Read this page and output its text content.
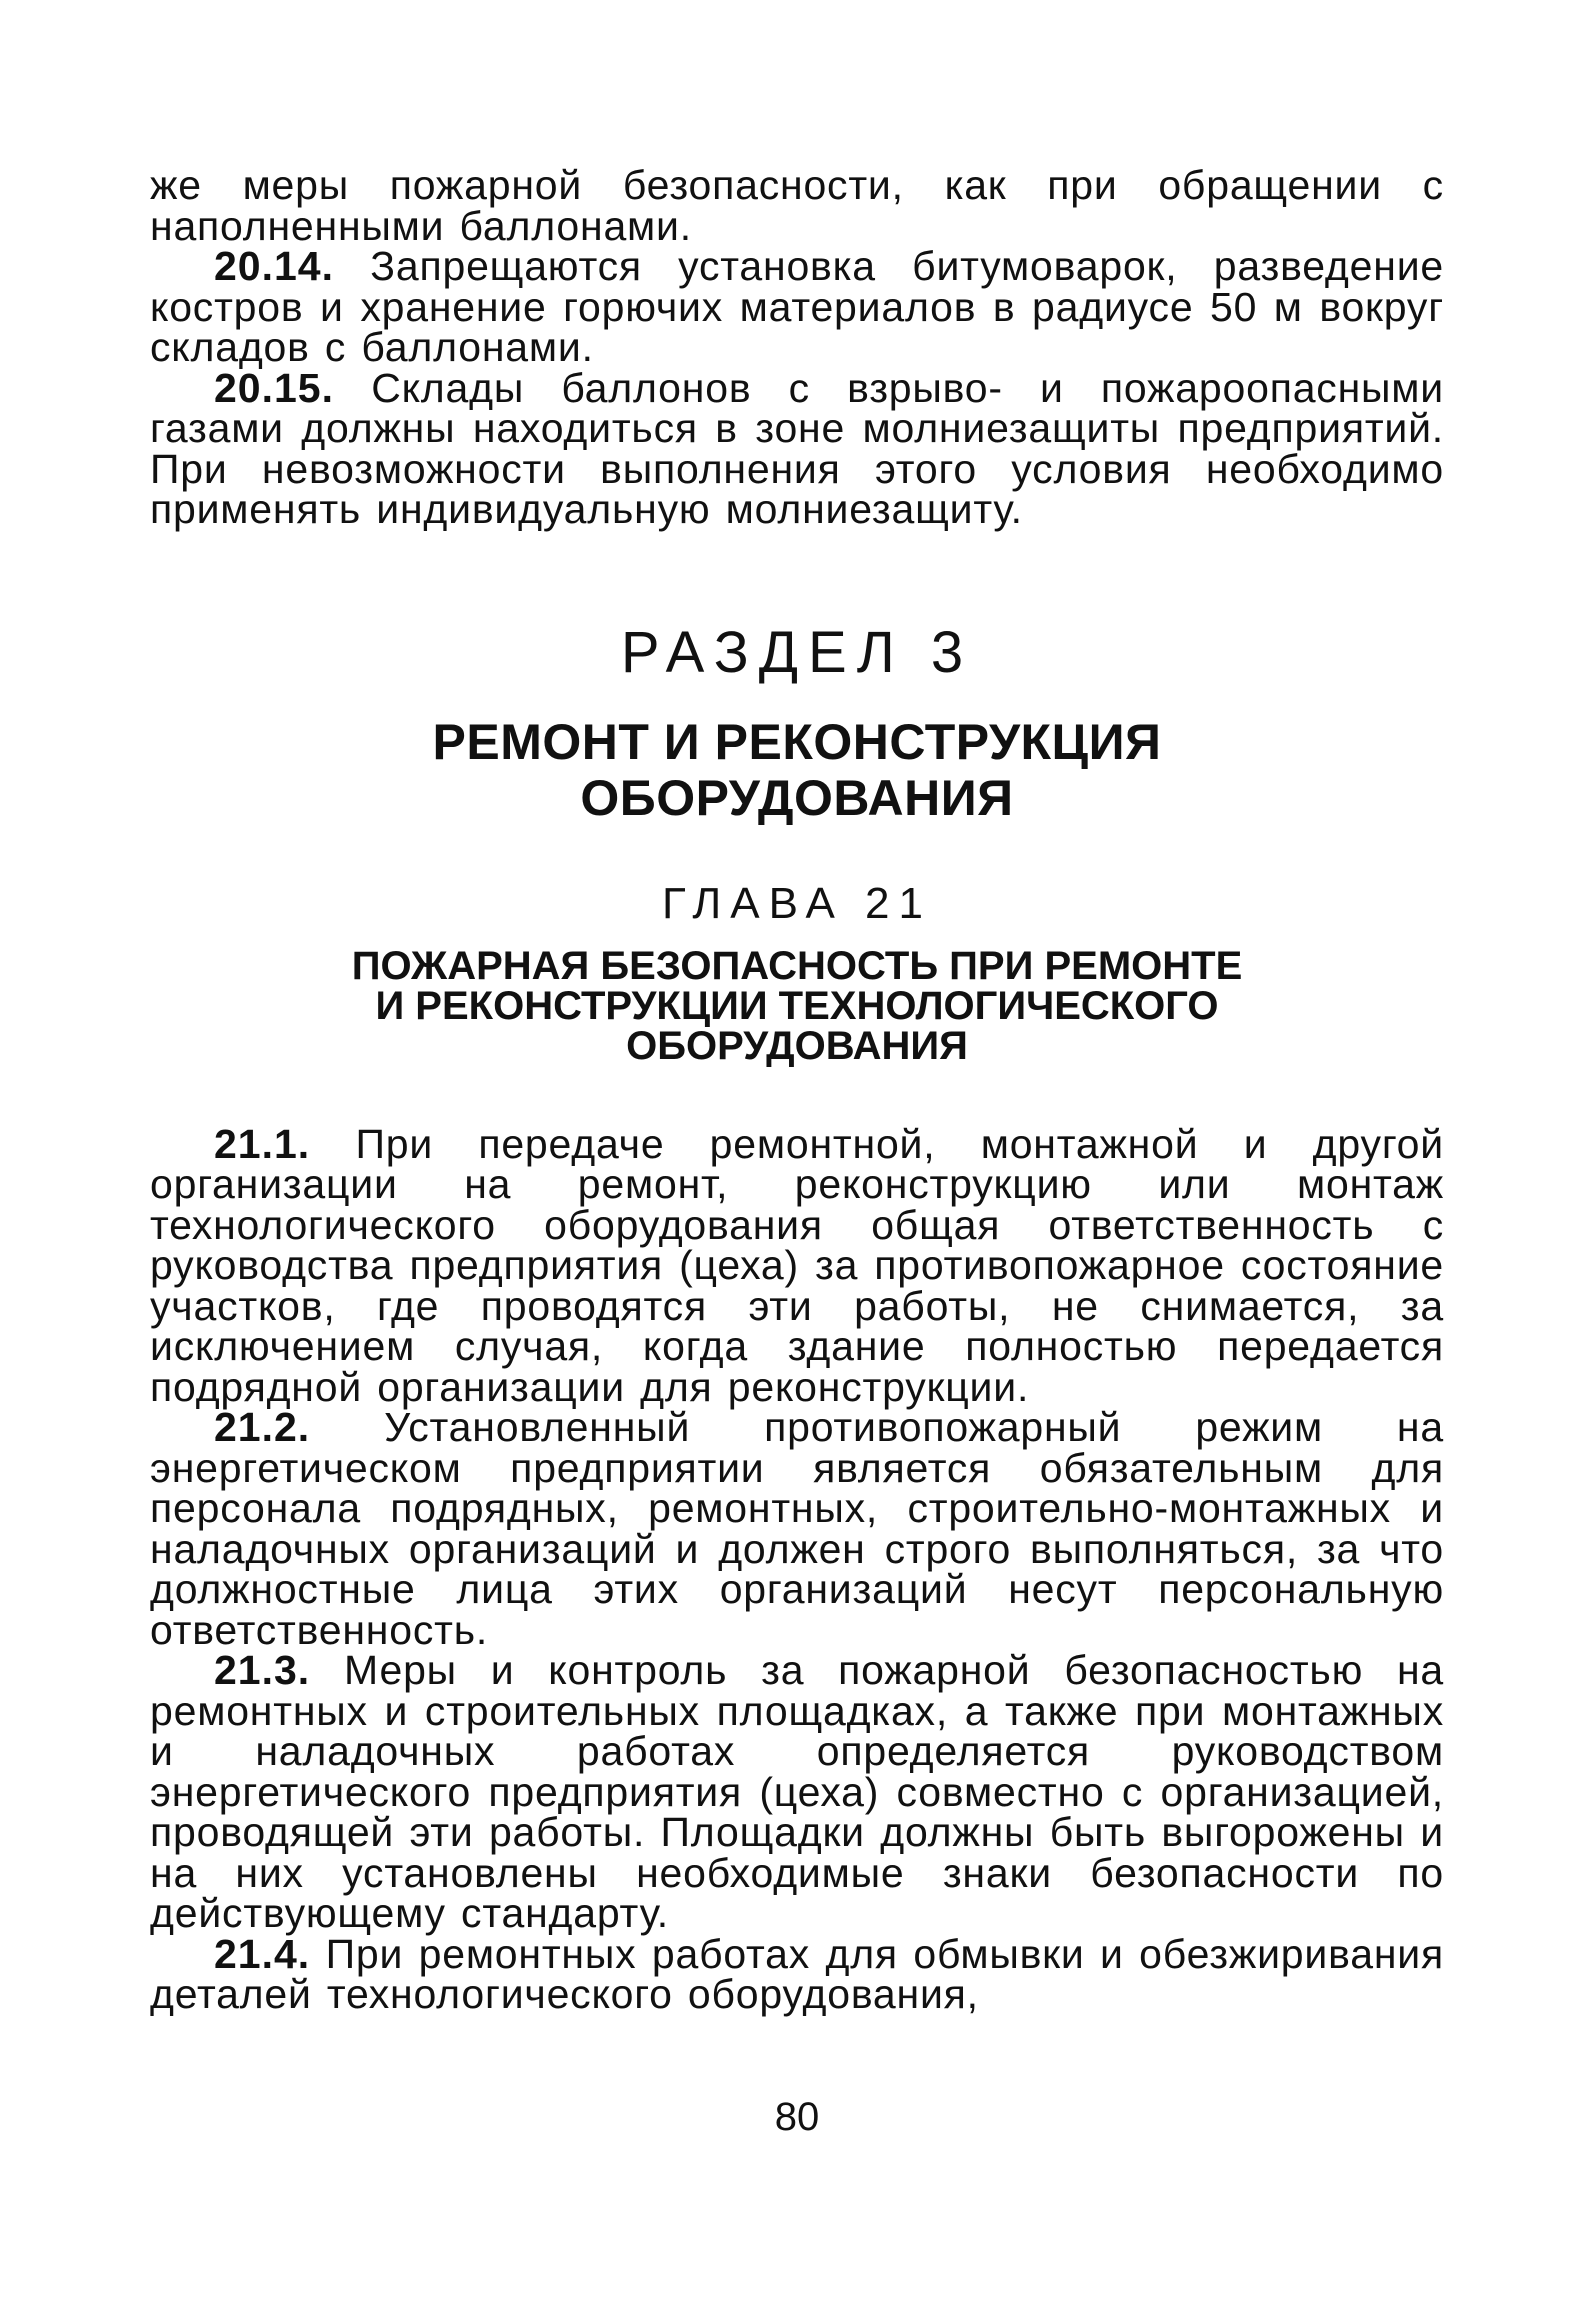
же меры пожарной безопасности, как при обращении с наполненными баллонами.

20.14. Запрещаются установка битумоварок, разведение костров и хранение горючих материалов в радиусе 50 м вокруг складов с баллонами.

20.15. Склады баллонов с взрыво- и пожароопасными газами должны находиться в зоне молниезащиты предприятий. При невозможности выполнения этого условия необходимо применять индивидуальную молниезащиту.

РАЗДЕЛ 3
РЕМОНТ И РЕКОНСТРУКЦИЯ
ОБОРУДОВАНИЯ
ГЛАВА 21
ПОЖАРНАЯ БЕЗОПАСНОСТЬ ПРИ РЕМОНТЕ
И РЕКОНСТРУКЦИИ ТЕХНОЛОГИЧЕСКОГО
ОБОРУДОВАНИЯ

21.1. При передаче ремонтной, монтажной и другой организации на ремонт, реконструкцию или монтаж технологического оборудования общая ответственность с руководства предприятия (цеха) за противопожарное состояние участков, где проводятся эти работы, не снимается, за исключением случая, когда здание полностью передается подрядной организации для реконструкции.

21.2. Установленный противопожарный режим на энергетическом предприятии является обязательным для персонала подрядных, ремонтных, строительно-монтажных и наладочных организаций и должен строго выполняться, за что должностные лица этих организаций несут персональную ответственность.

21.3. Меры и контроль за пожарной безопасностью на ремонтных и строительных площадках, а также при монтажных и наладочных работах определяется руководством энергетического предприятия (цеха) совместно с организацией, проводящей эти работы. Площадки должны быть выгорожены и на них установлены необходимые знаки безопасности по действующему стандарту.

21.4. При ремонтных работах для обмывки и обезжиривания деталей технологического оборудования,

80
